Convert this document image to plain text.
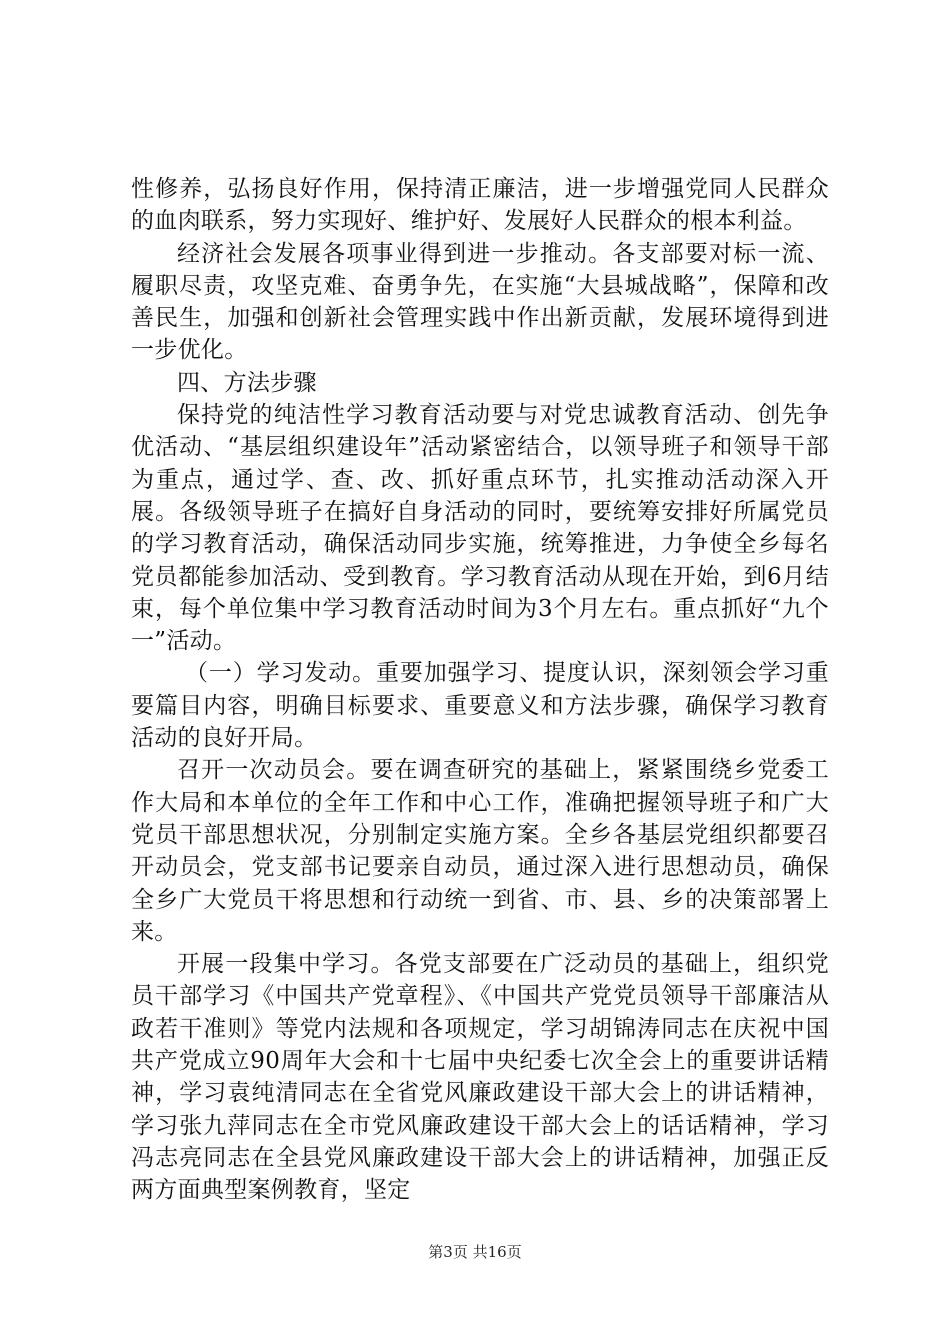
性修养，弘扬良好作用，保持清正廉洁，进一步增强党同人民群众的血肉联系，努力实现好、维护好、发展好人民群众的根本利益。

经济社会发展各项事业得到进一步推动。各支部要对标一流、履职尽责，攻坚克难、奋勇争先，在实施“大县城战略”，保障和改善民生，加强和创新社会管理实践中作出新贡献，发展环境得到进一步优化。

四、方法步骤

保持党的纯洁性学习教育活动要与对党忠诚教育活动、创先争优活动、“基层组织建设年”活动紧密结合，以领导班子和领导干部为重点，通过学、查、改、抓好重点环节，扎实推动活动深入开展。各级领导班子在搞好自身活动的同时，要统筹安排好所属党员的学习教育活动，确保活动同步实施，统筹推进，力争使全乡每名党员都能参加活动、受到教育。学习教育活动从现在开始，到6月结束，每个单位集中学习教育活动时间为3个月左右。重点抓好“九个一”活动。

（一）学习发动。重要加强学习、提度认识，深刻领会学习重要篇目内容，明确目标要求、重要意义和方法步骤，确保学习教育活动的良好开局。

召开一次动员会。要在调查研究的基础上，紧紧围绕乡党委工作大局和本单位的全年工作和中心工作，准确把握领导班子和广大党员干部思想状况，分别制定实施方案。全乡各基层党组织都要召开动员会，党支部书记要亲自动员，通过深入进行思想动员，确保全乡广大党员干将思想和行动统一到省、市、县、乡的决策部署上来。

开展一段集中学习。各党支部要在广泛动员的基础上，组织党员干部学习《中国共产党章程》、《中国共产党党员领导干部廉洁从政若干准则》等党内法规和各项规定，学习胡锦涛同志在庆祝中国共产党成立90周年大会和十七届中央纪委七次全会上的重要讲话精神，学习袁纯清同志在全省党风廉政建设干部大会上的讲话精神，学习张九萍同志在全市党风廉政建设干部大会上的话话精神，学习冯志亮同志在全县党风廉政建设干部大会上的讲话精神，加强正反两方面典型案例教育，坚定

第3页 共16页
